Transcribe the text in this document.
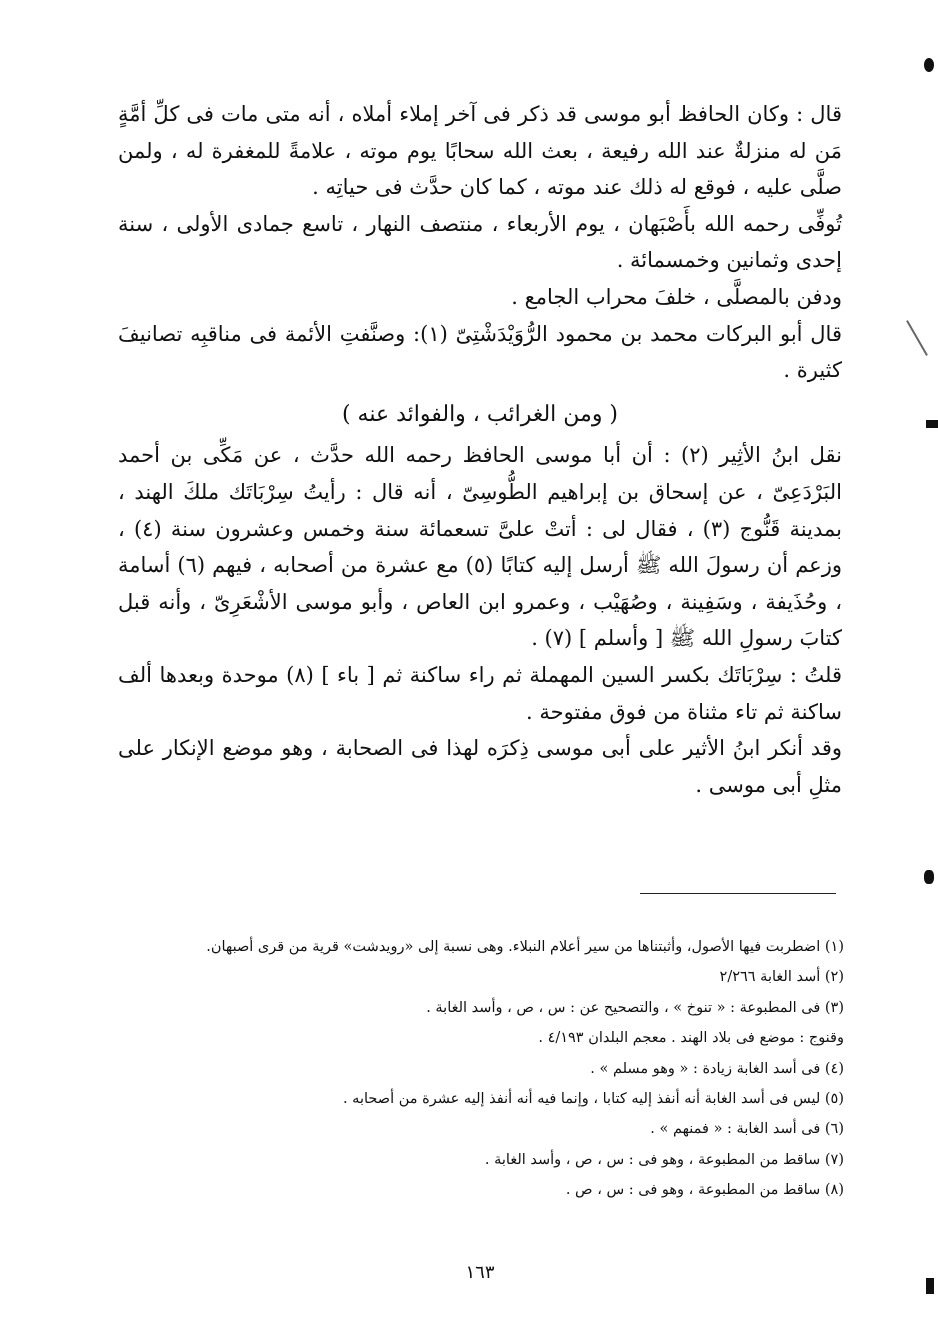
قال : وكان الحافظ أبو موسى قد ذكر فى آخر إملاء أملاه ، أنه متى مات فى كلِّ أمَّةٍ مَن له منزلةٌ عند الله رفيعة ، بعث الله سحابًا يوم موته ، علامةً للمغفرة له ، ولمن صلَّى عليه ، فوقع له ذلك عند موته ، كما كان حدَّث فى حياتِه .

تُوفِّى رحمه الله بأَصْبَهان ، يوم الأربعاء ، منتصف النهار ، تاسع جمادى الأولى ، سنة إحدى وثمانين وخمسمائة .

ودفن بالمصلَّى ، خلفَ محراب الجامع .

قال أبو البركات محمد بن محمود الرُّوَيْدَشْتِىّ (١): وصنَّفتِ الأئمة فى مناقبِه تصانيفَ كثيرة .

( ومن الغرائب ، والفوائد عنه )

نقل ابنُ الأثِير (٢) : أن أبا موسى الحافظ رحمه الله حدَّث ، عن مَكِّى بن أحمد البَرْدَعِىّ ، عن إسحاق بن إبراهيم الطُّوسِىّ ، أنه قال : رأيتُ سِرْبَاتَك ملكَ الهند ، بمدينة قَنُّوج (٣) ، فقال لى : أتتْ علىَّ تسعمائة سنة وخمس وعشرون سنة (٤) ، وزعم أن رسولَ الله ﷺ أرسل إليه كتابًا (٥) مع عشرة من أصحابه ، فيهم (٦) أسامة ، وحُذَيفة ، وسَفِينة ، وصُهَيْب ، وعمرو ابن العاص ، وأبو موسى الأشْعَرِىّ ، وأنه قبل كتابَ رسولِ الله ﷺ [ وأسلم ] (٧) .

قلتُ : سِرْبَاتَك بكسر السين المهملة ثم راء ساكنة ثم [ باء ] (٨) موحدة وبعدها ألف ساكنة ثم تاء مثناة من فوق مفتوحة .

وقد أنكر ابنُ الأثير على أبى موسى ذِكرَه لهذا فى الصحابة ، وهو موضع الإنكار على مثلِ أبى موسى .

(١) اضطربت فيها الأصول، وأثبتناها من سير أعلام النبلاء. وهى نسبة إلى «رويدشت» قرية من قرى أصبهان.
(٢) أسد الغابة ٢/٢٦٦
(٣) فى المطبوعة : « تنوخ » ، والتصحيح عن : س ، ص ، وأسد الغابة .
وقنوج : موضع فى بلاد الهند . معجم البلدان ٤/١٩٣ .
(٤) فى أسد الغابة زيادة : « وهو مسلم » .
(٥) ليس فى أسد الغابة أنه أنفذ إليه كتابا ، وإنما فيه أنه أنفذ إليه عشرة من أصحابه .
(٦) فى أسد الغابة : « فمنهم » .
(٧) ساقط من المطبوعة ، وهو فى : س ، ص ، وأسد الغابة .
(٨) ساقط من المطبوعة ، وهو فى : س ، ص .
١٦٣
